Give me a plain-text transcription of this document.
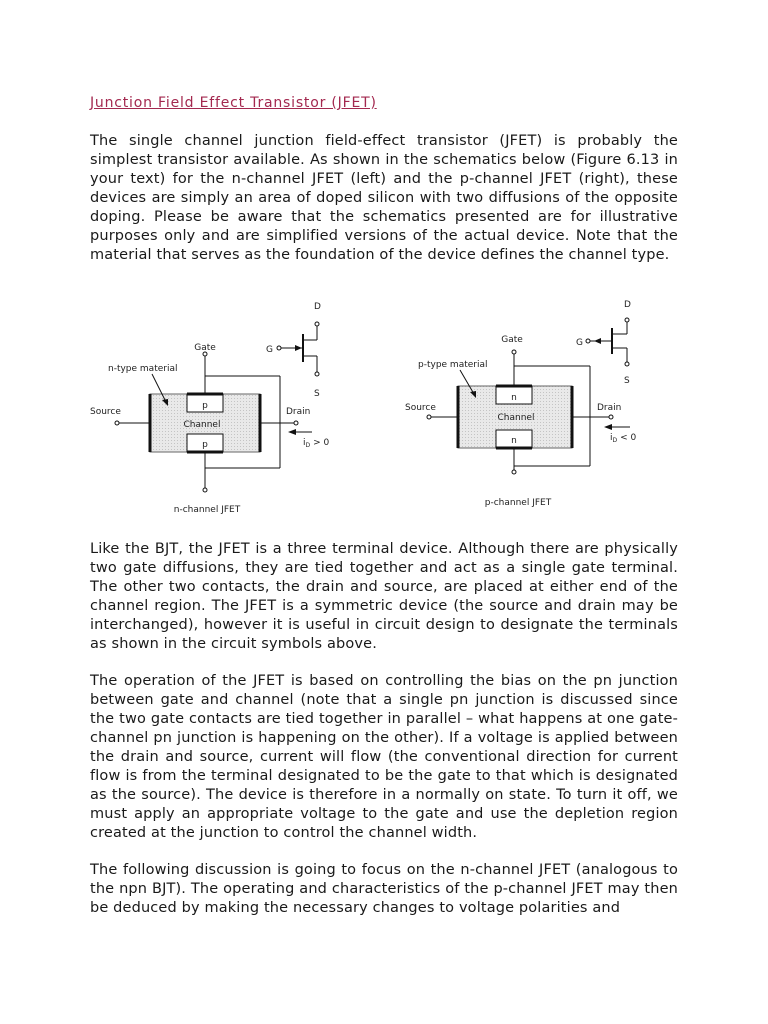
Junction Field Effect Transistor (JFET)

The single channel junction field-effect transistor (JFET) is probably the simplest transistor available. As shown in the schematics below (Figure 6.13 in your text) for the n-channel JFET (left) and the p-channel JFET (right), these devices are simply an area of doped silicon with two diffusions of the opposite doping. Please be aware that the schematics presented are for illustrative purposes only and are simplified versions of the actual device. Note that the material that serves as the foundation of the device defines the channel type.

p
p
Channel
Gate
Source	Drain
$i_D > 0$
n-type material
n-channel JFET
D
G
S	n
n
Channel
Gate
Source	Drain
$i_D < 0$
p-type material
p-channel JFET
D
G
S

Like the BJT, the JFET is a three terminal device. Although there are physically two gate diffusions, they are tied together and act as a single gate terminal. The other two contacts, the drain and source, are placed at either end of the channel region. The JFET is a symmetric device (the source and drain may be interchanged), however it is useful in circuit design to designate the terminals as shown in the circuit symbols above.

The operation of the JFET is based on controlling the bias on the pn junction between gate and channel (note that a single pn junction is discussed since the two gate contacts are tied together in parallel – what happens at one gate-channel pn junction is happening on the other). If a voltage is applied between the drain and source, current will flow (the conventional direction for current flow is from the terminal designated to be the gate to that which is designated as the source). The device is therefore in a normally on state. To turn it off, we must apply an appropriate voltage to the gate and use the depletion region created at the junction to control the channel width.

The following discussion is going to focus on the n-channel JFET (analogous to the npn BJT). The operating and characteristics of the p-channel JFET may then be deduced by making the necessary changes to voltage polarities and
